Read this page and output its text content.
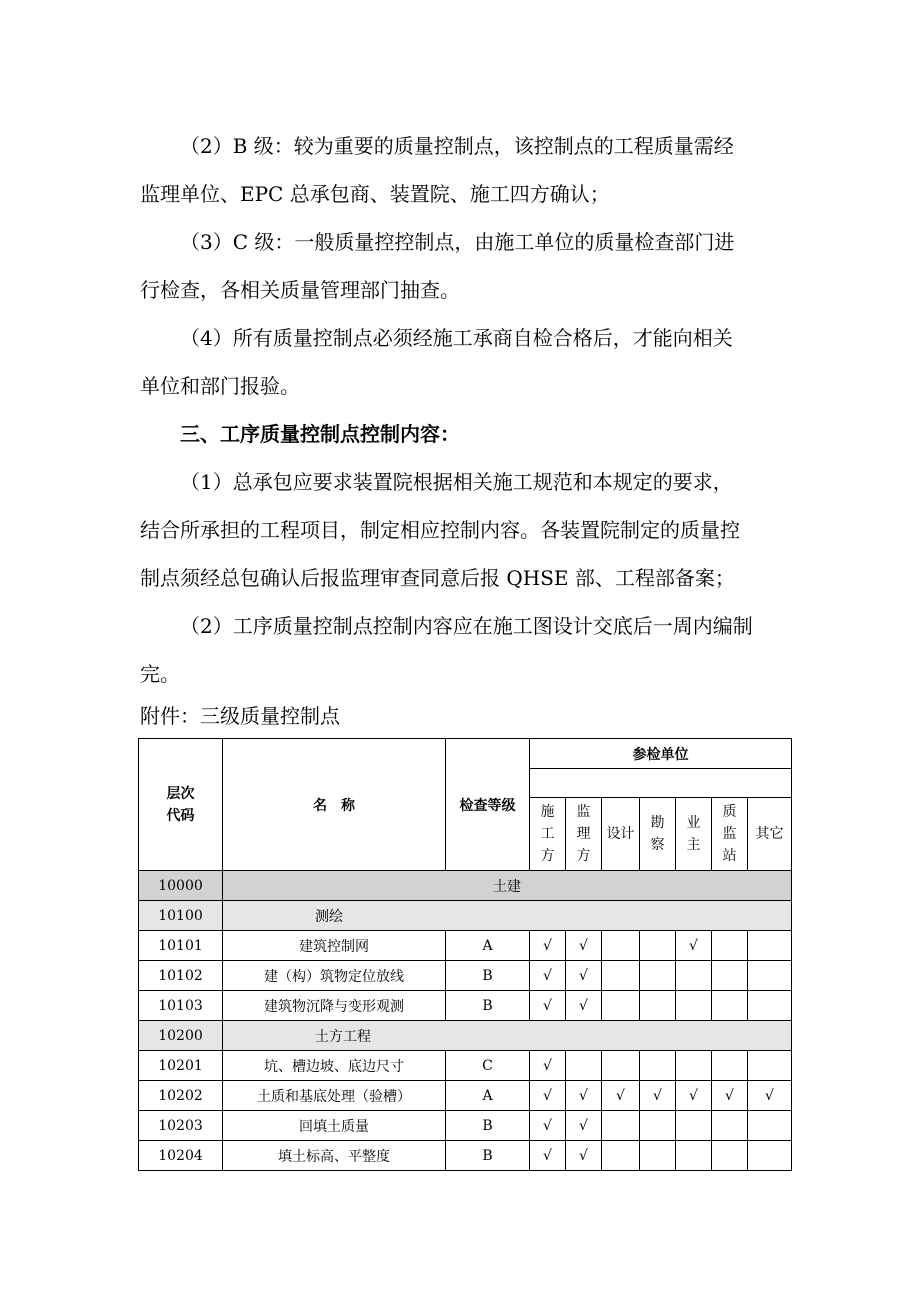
（2）B 级：较为重要的质量控制点，该控制点的工程质量需经
监理单位、EPC 总承包商、装置院、施工四方确认；
（3）C 级：一般质量控控制点，由施工单位的质量检查部门进
行检查，各相关质量管理部门抽查。
（4）所有质量控制点必须经施工承商自检合格后，才能向相关
单位和部门报验。
三、工序质量控制点控制内容：
（1）总承包应要求装置院根据相关施工规范和本规定的要求，
结合所承担的工程项目，制定相应控制内容。各装置院制定的质量控
制点须经总包确认后报监理审查同意后报 QHSE 部、工程部备案；
（2）工序质量控制点控制内容应在施工图设计交底后一周内编制
完。
附件：三级质量控制点
层次
代码	名　称	检查等级	参检单位						

			施
工
方	监
理
方	设计	勘
察	业
主	质
监
站	其它
10000	土建								
10100	测绘								
10101	建筑控制网	A	√	√			√		
10102	建（构）筑物定位放线	B	√	√					
10103	建筑物沉降与变形观测	B	√	√					
10200	土方工程								
10201	坑、槽边坡、底边尺寸	C	√						
10202	土质和基底处理（验槽）	A	√	√	√	√	√	√	√
10203	回填土质量	B	√	√					
10204	填土标高、平整度	B	√	√					
